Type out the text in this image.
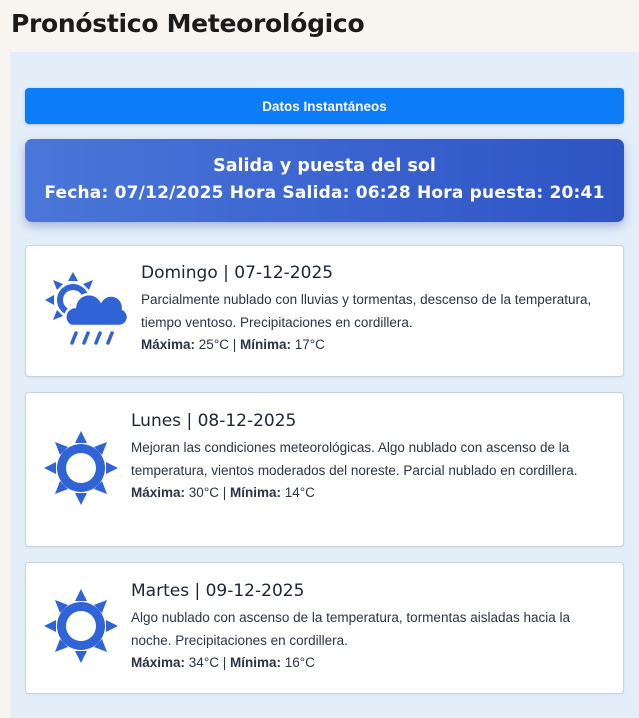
Pronóstico Meteorológico
Datos Instantáneos
Salida y puesta del sol
Fecha: 07/12/2025 Hora Salida: 06:28 Hora puesta: 20:41
Domingo | 07-12-2025
Parcialmente nublado con lluvias y tormentas, descenso de la temperatura, tiempo ventoso. Precipitaciones en cordillera.
Máxima: 25°C | Mínima: 17°C
Lunes | 08-12-2025
Mejoran las condiciones meteorológicas. Algo nublado con ascenso de la temperatura, vientos moderados del noreste. Parcial nublado en cordillera.
Máxima: 30°C | Mínima: 14°C
Martes | 09-12-2025
Algo nublado con ascenso de la temperatura, tormentas aisladas hacia la noche. Precipitaciones en cordillera.
Máxima: 34°C | Mínima: 16°C
